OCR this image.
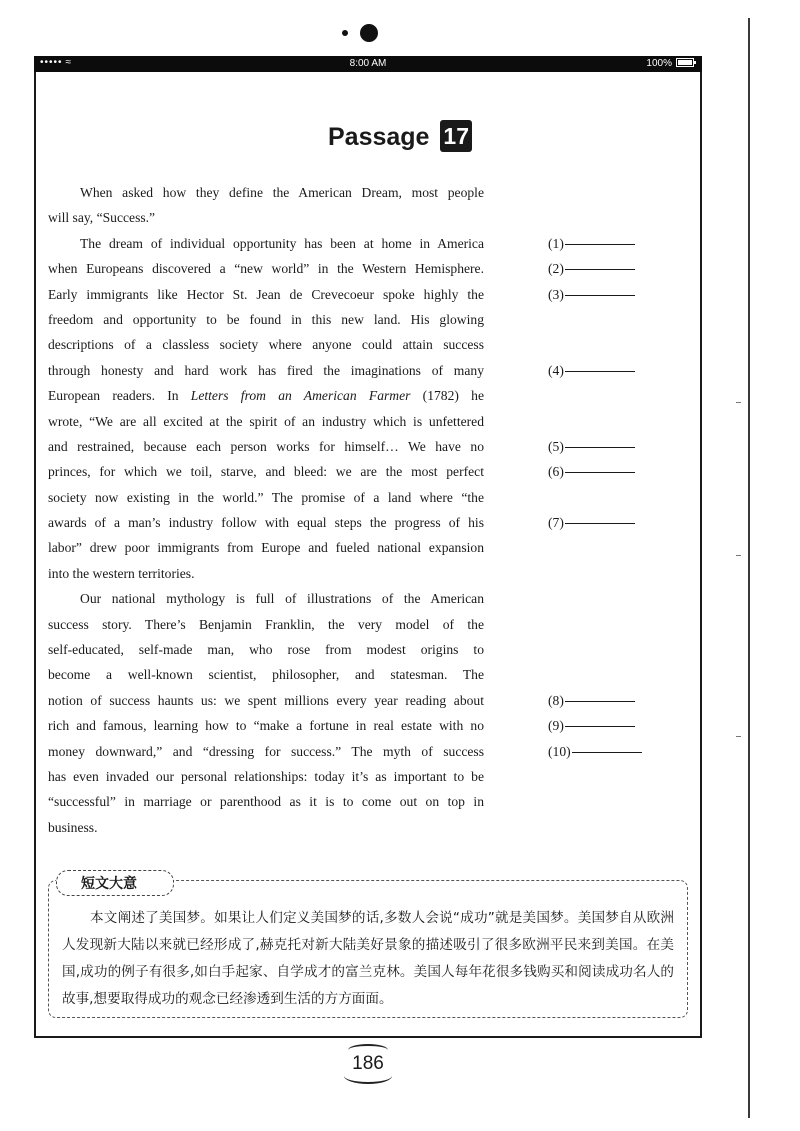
••••• ≈	8:00 AM	100%
Passage 17
When asked how they define the American Dream, most people
will say, “Success.”
The dream of individual opportunity has been at home in America
when Europeans discovered a “new world” in the Western Hemisphere.
Early immigrants like Hector St. Jean de Crevecoeur spoke highly the
freedom and opportunity to be found in this new land. His glowing
descriptions of a classless society where anyone could attain success
through honesty and hard work has fired the imaginations of many
European readers. In Letters from an American Farmer (1782) he
wrote, “We are all excited at the spirit of an industry which is unfettered
and restrained, because each person works for himself… We have no
princes, for which we toil, starve, and bleed: we are the most perfect
society now existing in the world.” The promise of a land where “the
awards of a man’s industry follow with equal steps the progress of his
labor” drew poor immigrants from Europe and fueled national expansion
into the western territories.
Our national mythology is full of illustrations of the American
success story. There’s Benjamin Franklin, the very model of the
self-educated, self-made man, who rose from modest origins to
become a well-known scientist, philosopher, and statesman. The
notion of success haunts us: we spent millions every year reading about
rich and famous, learning how to “make a fortune in real estate with no
money downward,” and “dressing for success.” The myth of success
has even invaded our personal relationships: today it’s as important to be
“successful” in marriage or parenthood as it is to come out on top in
business.
(1)
(2)
(3)
(4)
(5)
(6)
(7)
(8)
(9)
(10)
短文大意
本文阐述了美国梦。如果让人们定义美国梦的话,多数人会说“成功”就是美国梦。美国梦自从欧洲人发现新大陆以来就已经形成了,赫克托对新大陆美好景象的描述吸引了很多欧洲平民来到美国。在美国,成功的例子有很多,如白手起家、自学成才的富兰克林。美国人每年花很多钱购买和阅读成功名人的故事,想要取得成功的观念已经渗透到生活的方方面面。
186
